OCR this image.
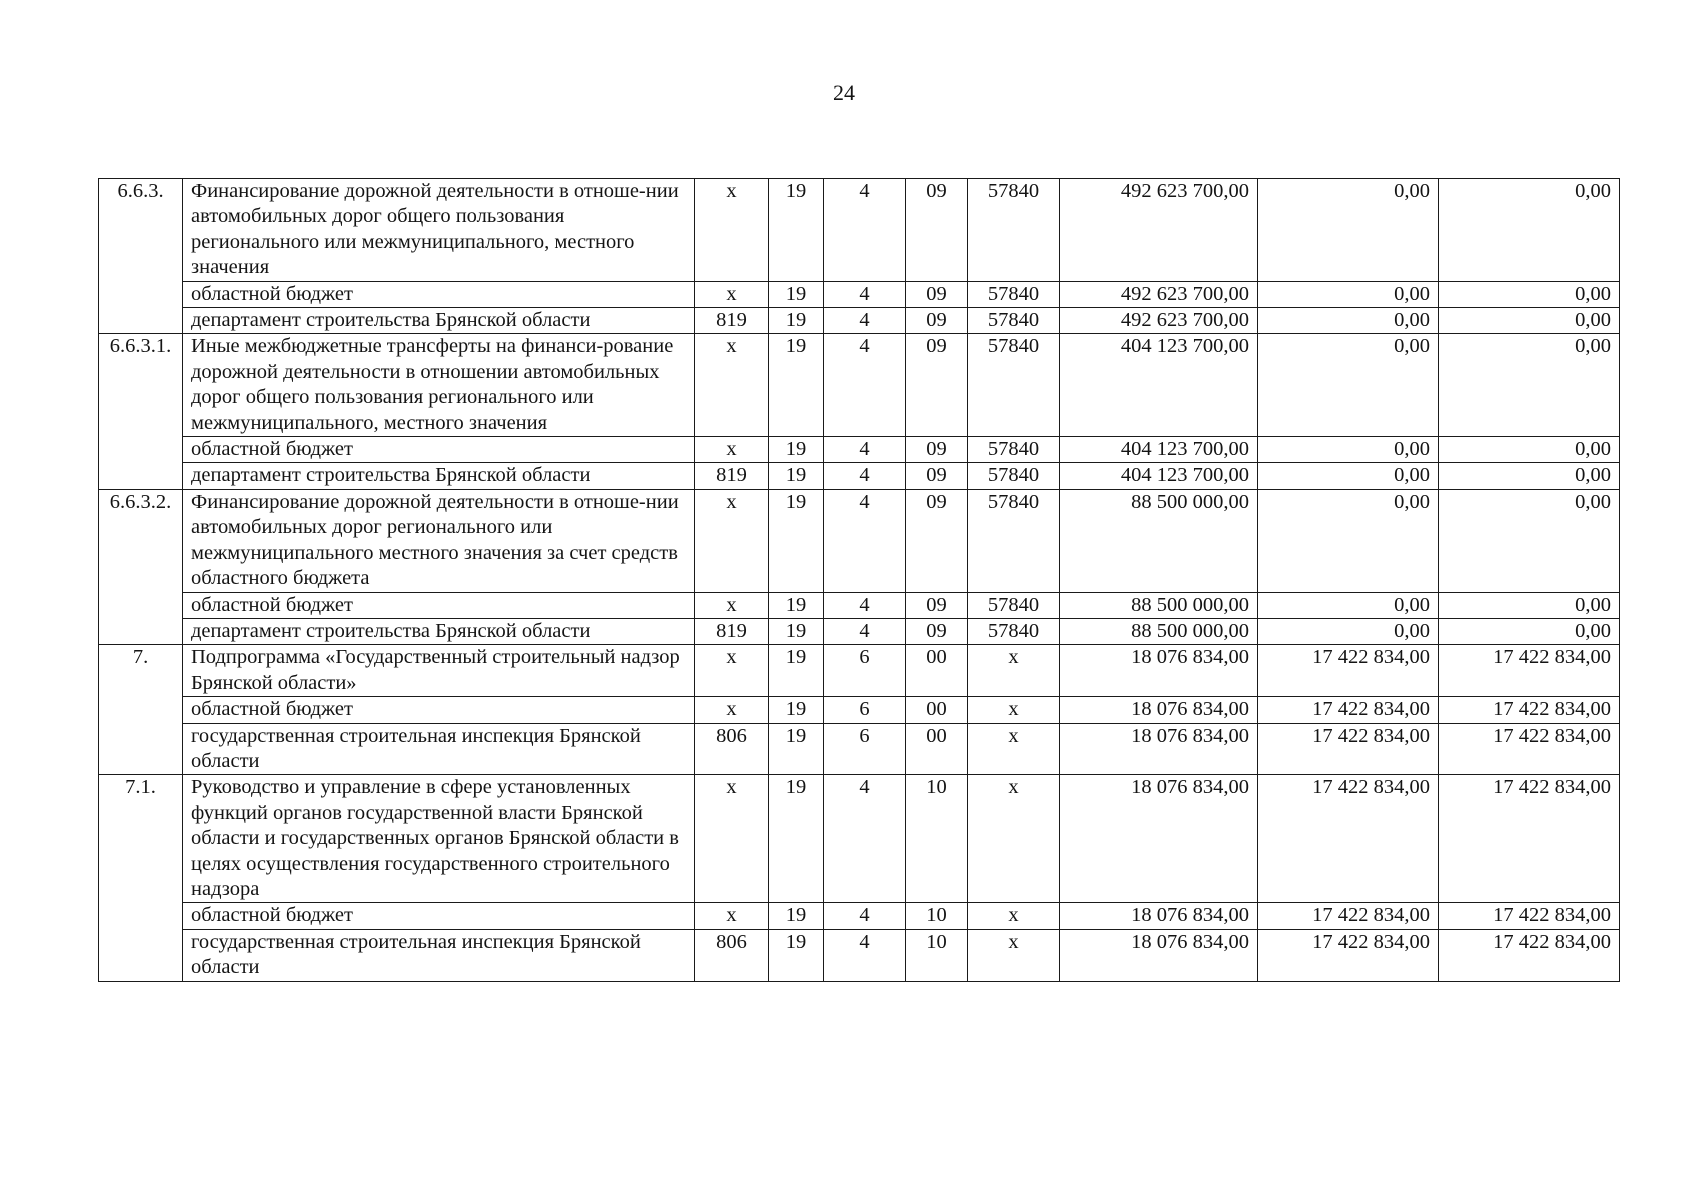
24
6.6.3.	Финансирование дорожной деятельности в отноше-нии автомобильных дорог общего пользования регионального или межмуниципального, местного значения	x	19	4	09	57840	492 623 700,00	0,00	0,00
	областной бюджет	x	19	4	09	57840	492 623 700,00	0,00	0,00
	департамент строительства Брянской области	819	19	4	09	57840	492 623 700,00	0,00	0,00
6.6.3.1.	Иные межбюджетные трансферты на финанси-рование дорожной деятельности в отношении автомобильных дорог общего пользования регионального или межмуниципального, местного значения	x	19	4	09	57840	404 123 700,00	0,00	0,00
	областной бюджет	x	19	4	09	57840	404 123 700,00	0,00	0,00
	департамент строительства Брянской области	819	19	4	09	57840	404 123 700,00	0,00	0,00
6.6.3.2.	Финансирование дорожной деятельности в отноше-нии автомобильных дорог регионального или межмуниципального местного значения за счет средств областного бюджета	x	19	4	09	57840	88 500 000,00	0,00	0,00
	областной бюджет	x	19	4	09	57840	88 500 000,00	0,00	0,00
	департамент строительства Брянской области	819	19	4	09	57840	88 500 000,00	0,00	0,00
7.	Подпрограмма «Государственный строительный надзор Брянской области»	x	19	6	00	x	18 076 834,00	17 422 834,00	17 422 834,00
	областной бюджет	x	19	6	00	x	18 076 834,00	17 422 834,00	17 422 834,00
	государственная строительная инспекция Брянской области	806	19	6	00	x	18 076 834,00	17 422 834,00	17 422 834,00
7.1.	Руководство и управление в сфере установленных функций органов государственной власти Брянской области и государственных органов Брянской области в целях осуществления государственного строительного надзора	x	19	4	10	x	18 076 834,00	17 422 834,00	17 422 834,00
	областной бюджет	x	19	4	10	x	18 076 834,00	17 422 834,00	17 422 834,00
	государственная строительная инспекция Брянской области	806	19	4	10	x	18 076 834,00	17 422 834,00	17 422 834,00
